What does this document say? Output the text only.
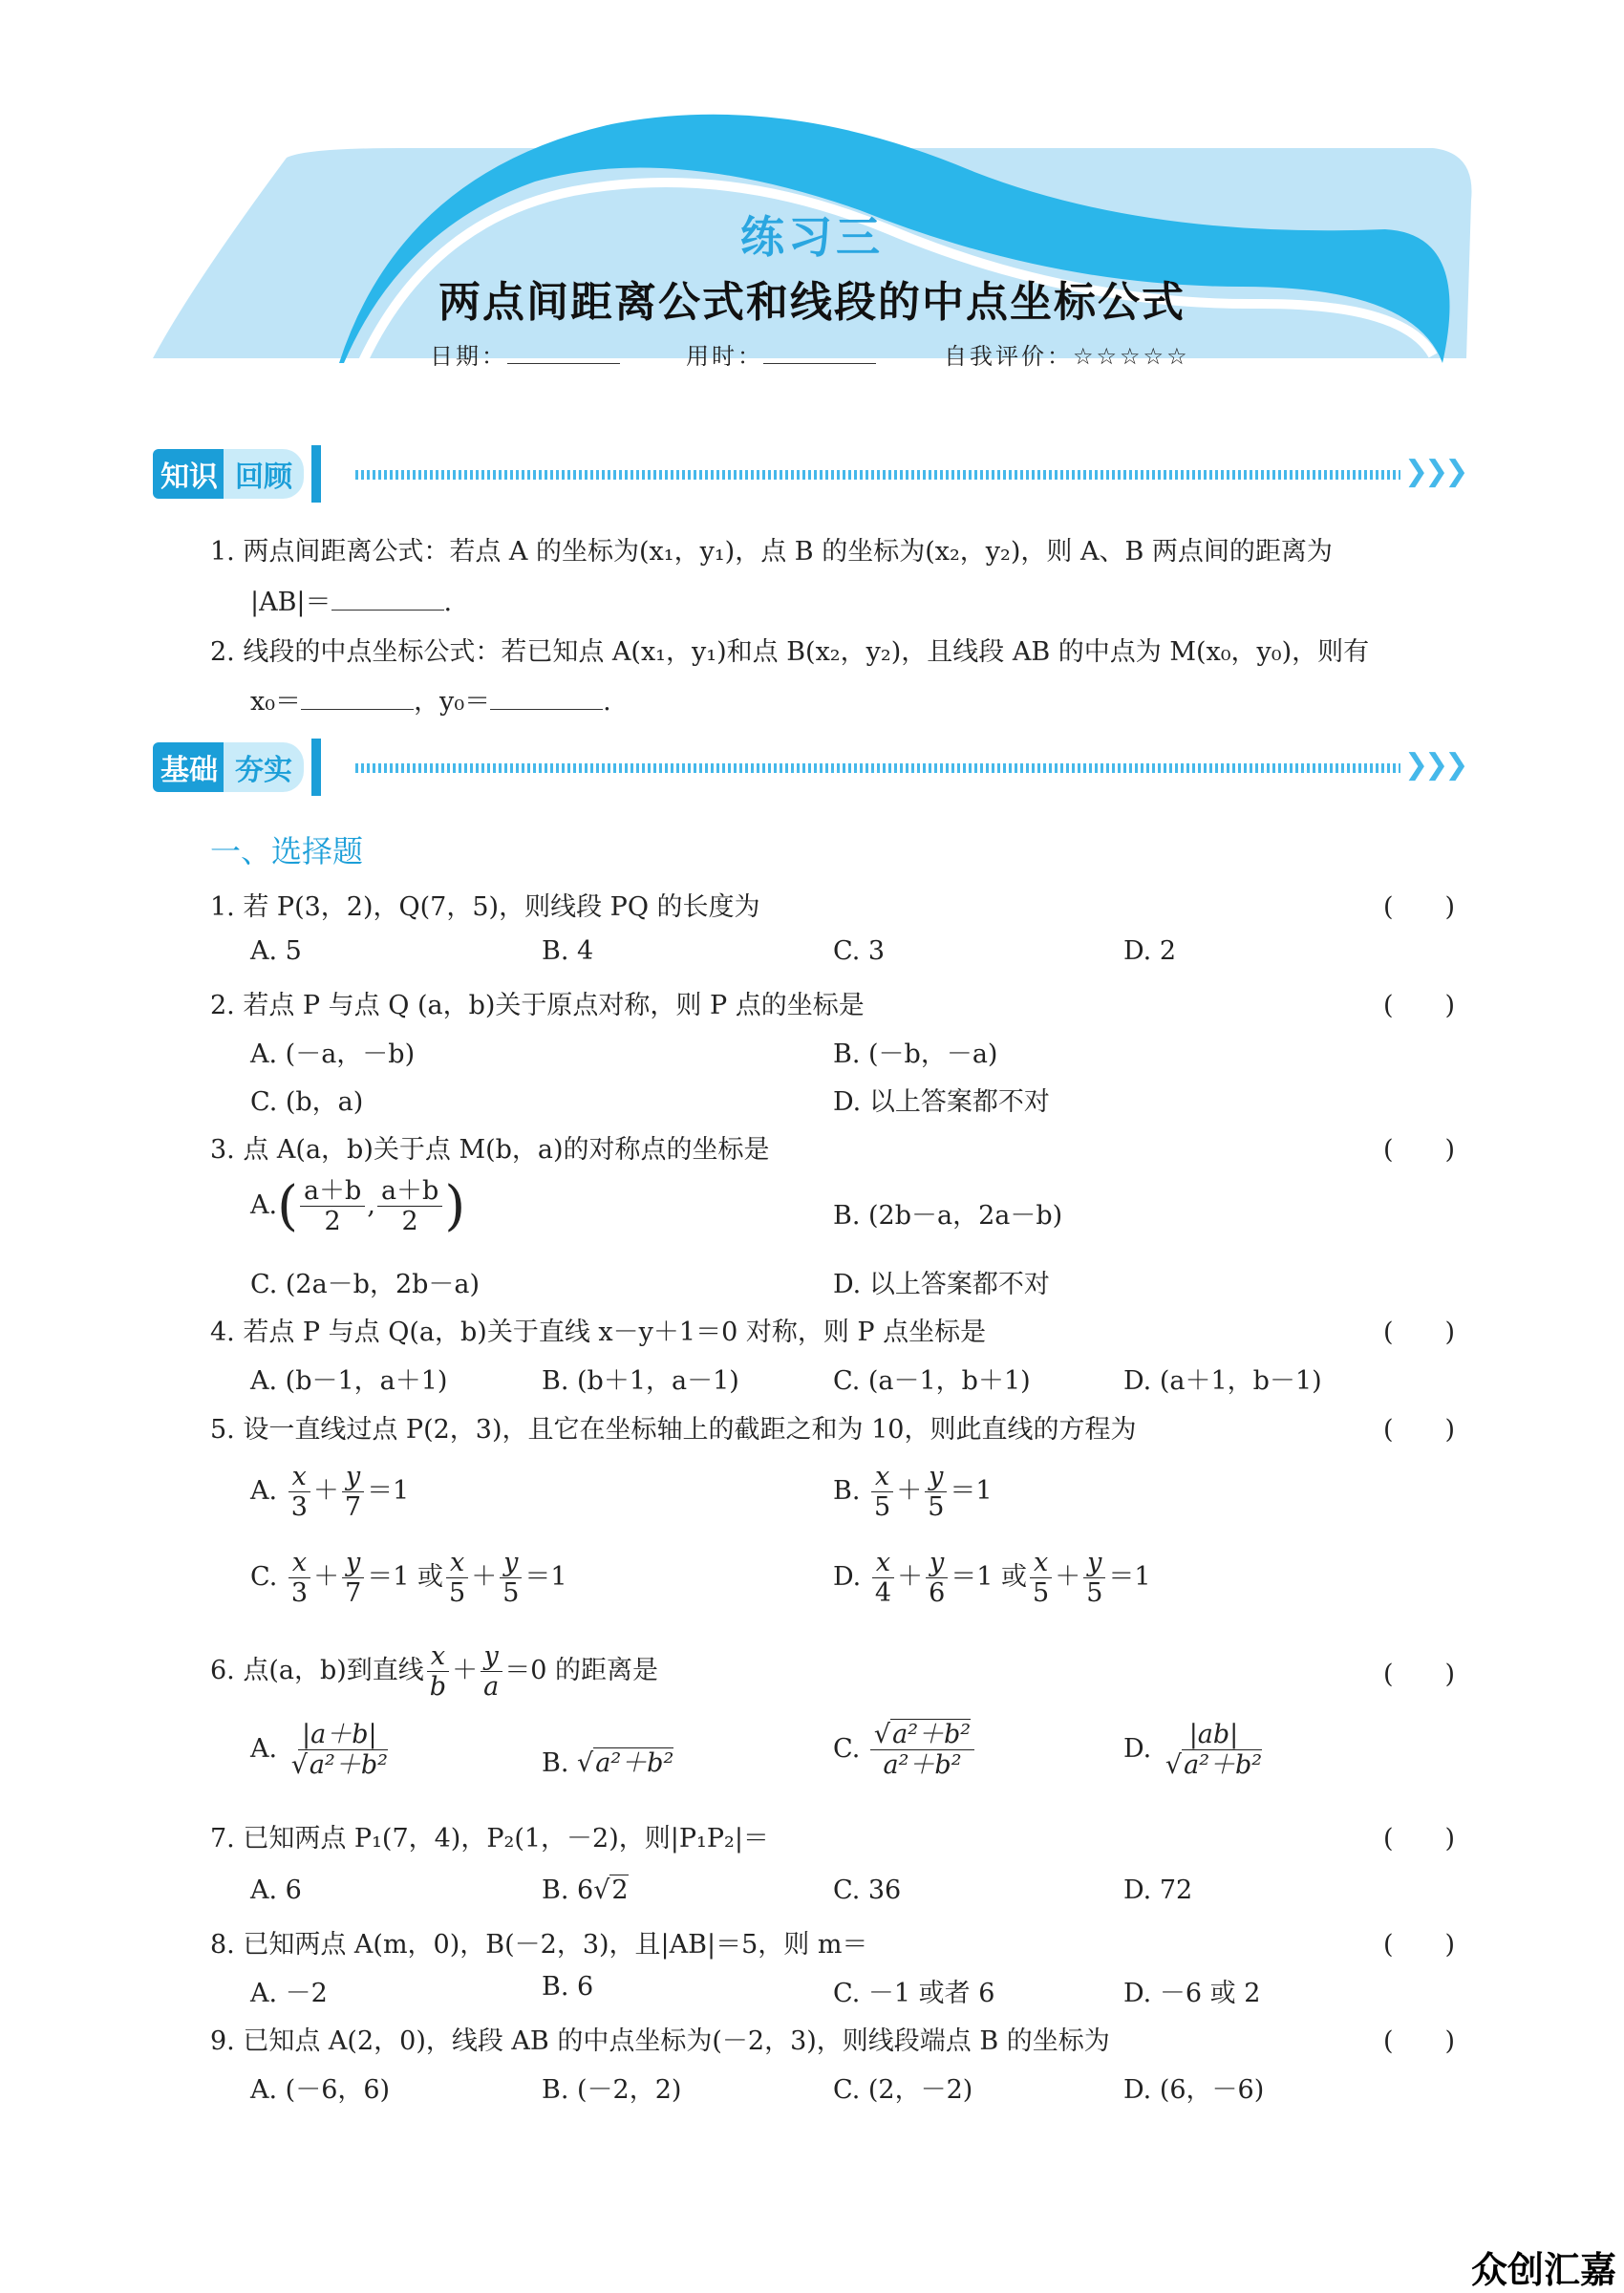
练习三
两点间距离公式和线段的中点坐标公式
日期：	用时：	自我评价：☆☆☆☆☆
知识 回顾	❯❯❯
1. 两点间距离公式：若点 A 的坐标为(x₁，y₁)，点 B 的坐标为(x₂，y₂)，则 A、B 两点间的距离为
|AB|＝	.
2. 线段的中点坐标公式：若已知点 A(x₁，y₁)和点 B(x₂，y₂)，且线段 AB 的中点为 M(x₀，y₀)，则有
x₀＝	，y₀＝	.
基础 夯实	❯❯❯
一、选择题
1. 若 P(3，2)，Q(7，5)，则线段 PQ 的长度为	(　　)
A. 5	B. 4	C. 3	D. 2
2. 若点 P 与点 Q (a，b)关于原点对称，则 P 点的坐标是	(　　)
A. (－a，－b)	B. (－b，－a)
C. (b，a)	D. 以上答案都不对
3. 点 A(a，b)关于点 M(b，a)的对称点的坐标是	(　　)
$A.( \frac{a+b}{2}$ , $\frac{a+b}{2}$ )	B. (2b－a，2a－b)
C. (2a－b，2b－a)	D. 以上答案都不对
4. 若点 P 与点 Q(a，b)关于直线 x－y＋1＝0 对称，则 P 点坐标是	(　　)
A. (b－1，a＋1)	B. (b＋1，a－1)	C. (a－1，b＋1)	D. (a＋1，b－1)
5. 设一直线过点 P(2，3)，且它在坐标轴上的截距之和为 10，则此直线的方程为	(　　)
A. $\frac{x}{3} + \frac{y}{7} =1$	B. $\frac{x}{5} + \frac{y}{5} =1$
C. $\frac{x}{3} + \frac{y}{7} =1$ 或 $\frac{x}{5} + \frac{y}{5} =1$	D. $\frac{x}{4} + \frac{y}{6} =1$ 或 $\frac{x}{5} + \frac{y}{5} =1$
6. 点(a，b)到直线 $\frac{x}{b} + \frac{y}{a} =0$ 的距离是	(　　)
A. $\frac{|a+b|}{\text{√a²＋b²}}$	B. √a²＋b²	C. $\frac{\text{√a²＋b²}}{\text{a²＋b²}}$	D. $\frac{|ab|}{\text{√a²＋b²}}$
7. 已知两点 P₁(7，4)，P₂(1，－2)，则|P₁P₂|＝	(　　)
A. 6	B. 6√2	C. 36	D. 72
8. 已知两点 A(m，0)，B(－2，3)，且|AB|＝5，则 m＝	(　　)
A. －2	B. 6	C. －1 或者 6	D. －6 或 2
9. 已知点 A(2，0)，线段 AB 的中点坐标为(－2，3)，则线段端点 B 的坐标为	(　　)
A. (－6，6)	B. (－2，2)	C. (2，－2)	D. (6，－6)
众创汇嘉
